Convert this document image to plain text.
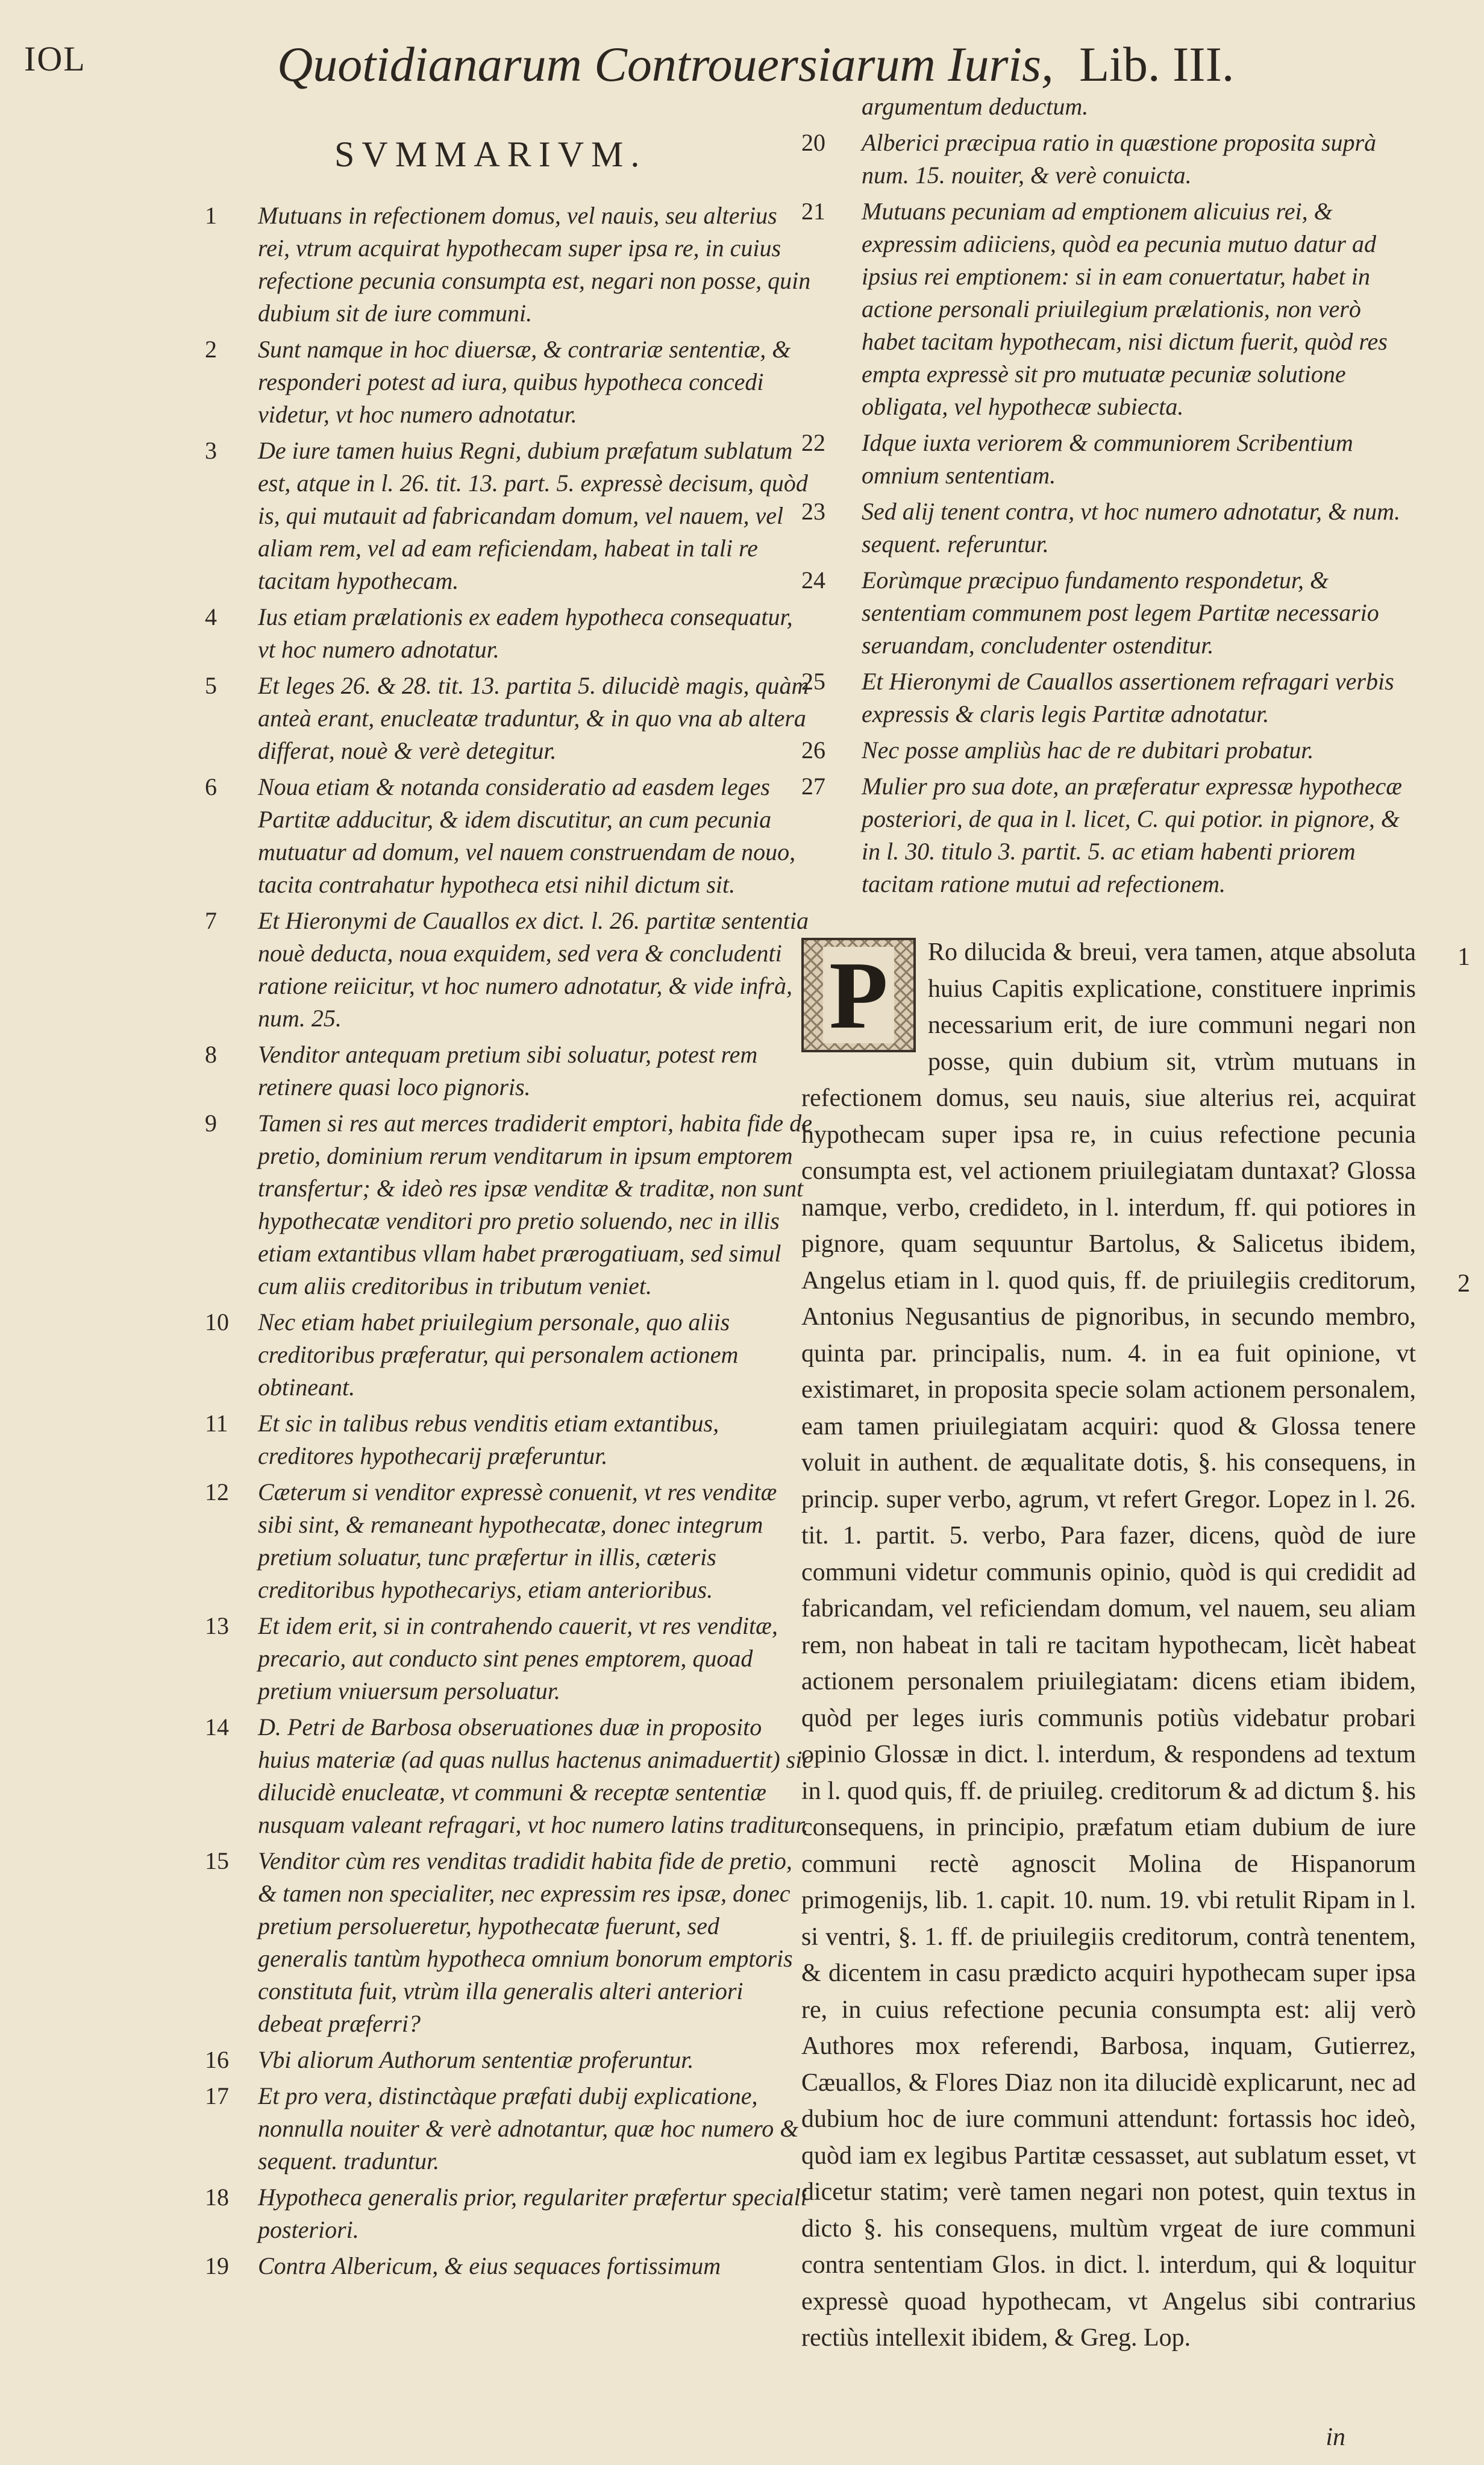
IOL	Quotidianarum Controuersiarum Iuris, Lib. III.
SVMMARIVM.
1 Mutuans in refectionem domus, vel nauis, seu alterius rei, vtrum acquirat hypothecam super ipsa re, in cuius refectione pecunia consumpta est, negari non posse, quin dubium sit de iure communi.
2 Sunt namque in hoc diuersæ, & contrariæ sententiæ, & responderi potest ad iura, quibus hypotheca concedi videtur, vt hoc numero adnotatur.
3 De iure tamen huius Regni, dubium præfatum sublatum est, atque in l. 26. tit. 13. part. 5. expressè decisum, quòd is, qui mutauit ad fabricandam domum, vel nauem, vel aliam rem, vel ad eam reficiendam, habeat in tali re tacitam hypothecam.
4 Ius etiam prælationis ex eadem hypotheca consequatur, vt hoc numero adnotatur.
5 Et leges 26. & 28. tit. 13. partita 5. dilucidè magis, quàm anteà erant, enucleatæ traduntur, & in quo vna ab altera differat, nouè & verè detegitur.
6 Noua etiam & notanda consideratio ad easdem leges Partitæ adducitur, & idem discutitur, an cum pecunia mutuatur ad domum, vel nauem construendam de nouo, tacita contrahatur hypotheca etsi nihil dictum sit.
7 Et Hieronymi de Cauallos ex dict. l. 26. partitæ sententia nouè deducta, noua exquidem, sed vera & concludenti ratione reiicitur, vt hoc numero adnotatur, & vide infrà, num. 25.
8 Venditor antequam pretium sibi soluatur, potest rem retinere quasi loco pignoris.
9 Tamen si res aut merces tradiderit emptori, habita fide de pretio, dominium rerum venditarum in ipsum emptorem transfertur; & ideò res ipsæ venditæ & traditæ, non sunt hypothecatæ venditori pro pretio soluendo, nec in illis etiam extantibus vllam habet prærogatiuam, sed simul cum aliis creditoribus in tributum veniet.
10 Nec etiam habet priuilegium personale, quo aliis creditoribus præferatur, qui personalem actionem obtineant.
11 Et sic in talibus rebus venditis etiam extantibus, creditores hypothecarij præferuntur.
12 Cæterum si venditor expressè conuenit, vt res venditæ sibi sint, & remaneant hypothecatæ, donec integrum pretium soluatur, tunc præfertur in illis, cæteris creditoribus hypothecariys, etiam anterioribus.
13 Et idem erit, si in contrahendo cauerit, vt res venditæ, precario, aut conducto sint penes emptorem, quoad pretium vniuersum persoluatur.
14 D. Petri de Barbosa obseruationes duæ in proposito huius materiæ (ad quas nullus hactenus animaduertit) sic dilucidè enucleatæ, vt communi & receptæ sententiæ nusquam valeant refragari, vt hoc numero latins traditur.
15 Venditor cùm res venditas tradidit habita fide de pretio, & tamen non specialiter, nec expressim res ipsæ, donec pretium persolueretur, hypothecatæ fuerunt, sed generalis tantùm hypotheca omnium bonorum emptoris constituta fuit, vtrùm illa generalis alteri anteriori debeat præferri?
16 Vbi aliorum Authorum sententiæ proferuntur.
17 Et pro vera, distinctàque præfati dubij explicatione, nonnulla nouiter & verè adnotantur, quæ hoc numero & sequent. traduntur.
18 Hypotheca generalis prior, regulariter præfertur speciali posteriori.
19 Contra Albericum, & eius sequaces fortissimum
argumentum deductum.
20 Alberici præcipua ratio in quæstione proposita suprà num. 15. nouiter, & verè conuicta.
21 Mutuans pecuniam ad emptionem alicuius rei, & expressim adiiciens, quòd ea pecunia mutuo datur ad ipsius rei emptionem: si in eam conuertatur, habet in actione personali priuilegium prælationis, non verò habet tacitam hypothecam, nisi dictum fuerit, quòd res empta expressè sit pro mutuatæ pecuniæ solutione obligata, vel hypothecæ subiecta.
22 Idque iuxta veriorem & communiorem Scribentium omnium sententiam.
23 Sed alij tenent contra, vt hoc numero adnotatur, & num. sequent. referuntur.
24 Eorùmque præcipuo fundamento respondetur, & sententiam communem post legem Partitæ necessario seruandam, concludenter ostenditur.
25 Et Hieronymi de Cauallos assertionem refragari verbis expressis & claris legis Partitæ adnotatur.
26 Nec posse ampliùs hac de re dubitari probatur.
27 Mulier pro sua dote, an præferatur expressæ hypothecæ posteriori, de qua in l. licet, C. qui potior. in pignore, & in l. 30. titulo 3. partit. 5. ac etiam habenti priorem tacitam ratione mutui ad refectionem.
P Ro dilucida & breui, vera tamen, atque absoluta huius Capitis explicatione, constituere inprimis necessarium erit, de iure communi negari non posse, quin dubium sit, vtrùm mutuans in refectionem domus, seu nauis, siue alterius rei, acquirat hypothecam super ipsa re, in cuius refectione pecunia consumpta est, vel actionem priuilegiatam duntaxat? Glossa namque, verbo, credideto, in l. interdum, ff. qui potiores in pignore, quam sequuntur Bartolus, & Salicetus ibidem, Angelus etiam in l. quod quis, ff. de priuilegiis creditorum, Antonius Negusantius de pignoribus, in secundo membro, quinta par. principalis, num. 4. in ea fuit opinione, vt existimaret, in proposita specie solam actionem personalem, eam tamen priuilegiatam acquiri: quod & Glossa tenere voluit in authent. de æqualitate dotis, §. his consequens, in princip. super verbo, agrum, vt refert Gregor. Lopez in l. 26. tit. 1. partit. 5. verbo, Para fazer, dicens, quòd de iure communi videtur communis opinio, quòd is qui credidit ad fabricandam, vel reficiendam domum, vel nauem, seu aliam rem, non habeat in tali re tacitam hypothecam, licèt habeat actionem personalem priuilegiatam: dicens etiam ibidem, quòd per leges iuris communis potiùs videbatur probari opinio Glossæ in dict. l. interdum, & respondens ad textum in l. quod quis, ff. de priuileg. creditorum & ad dictum §. his consequens, in principio, præfatum etiam dubium de iure communi rectè agnoscit Molina de Hispanorum primogenijs, lib. 1. capit. 10. num. 19. vbi retulit Ripam in l. si ventri, §. 1. ff. de priuilegiis creditorum, contrà tenentem, & dicentem in casu prædicto acquiri hypothecam super ipsa re, in cuius refectione pecunia consumpta est: alij verò Authores mox referendi, Barbosa, inquam, Gutierrez, Cæuallos, & Flores Diaz non ita dilucidè explicarunt, nec ad dubium hoc de iure communi attendunt: fortassis hoc ideò, quòd iam ex legibus Partitæ cessasset, aut sublatum esset, vt dicetur statim; verè tamen negari non potest, quin textus in dicto §. his consequens, multùm vrgeat de iure communi contra sententiam Glos. in dict. l. interdum, qui & loquitur expressè quoad hypothecam, vt Angelus sibi contrarius rectiùs intellexit ibidem, & Greg. Lop.
1
2
in
